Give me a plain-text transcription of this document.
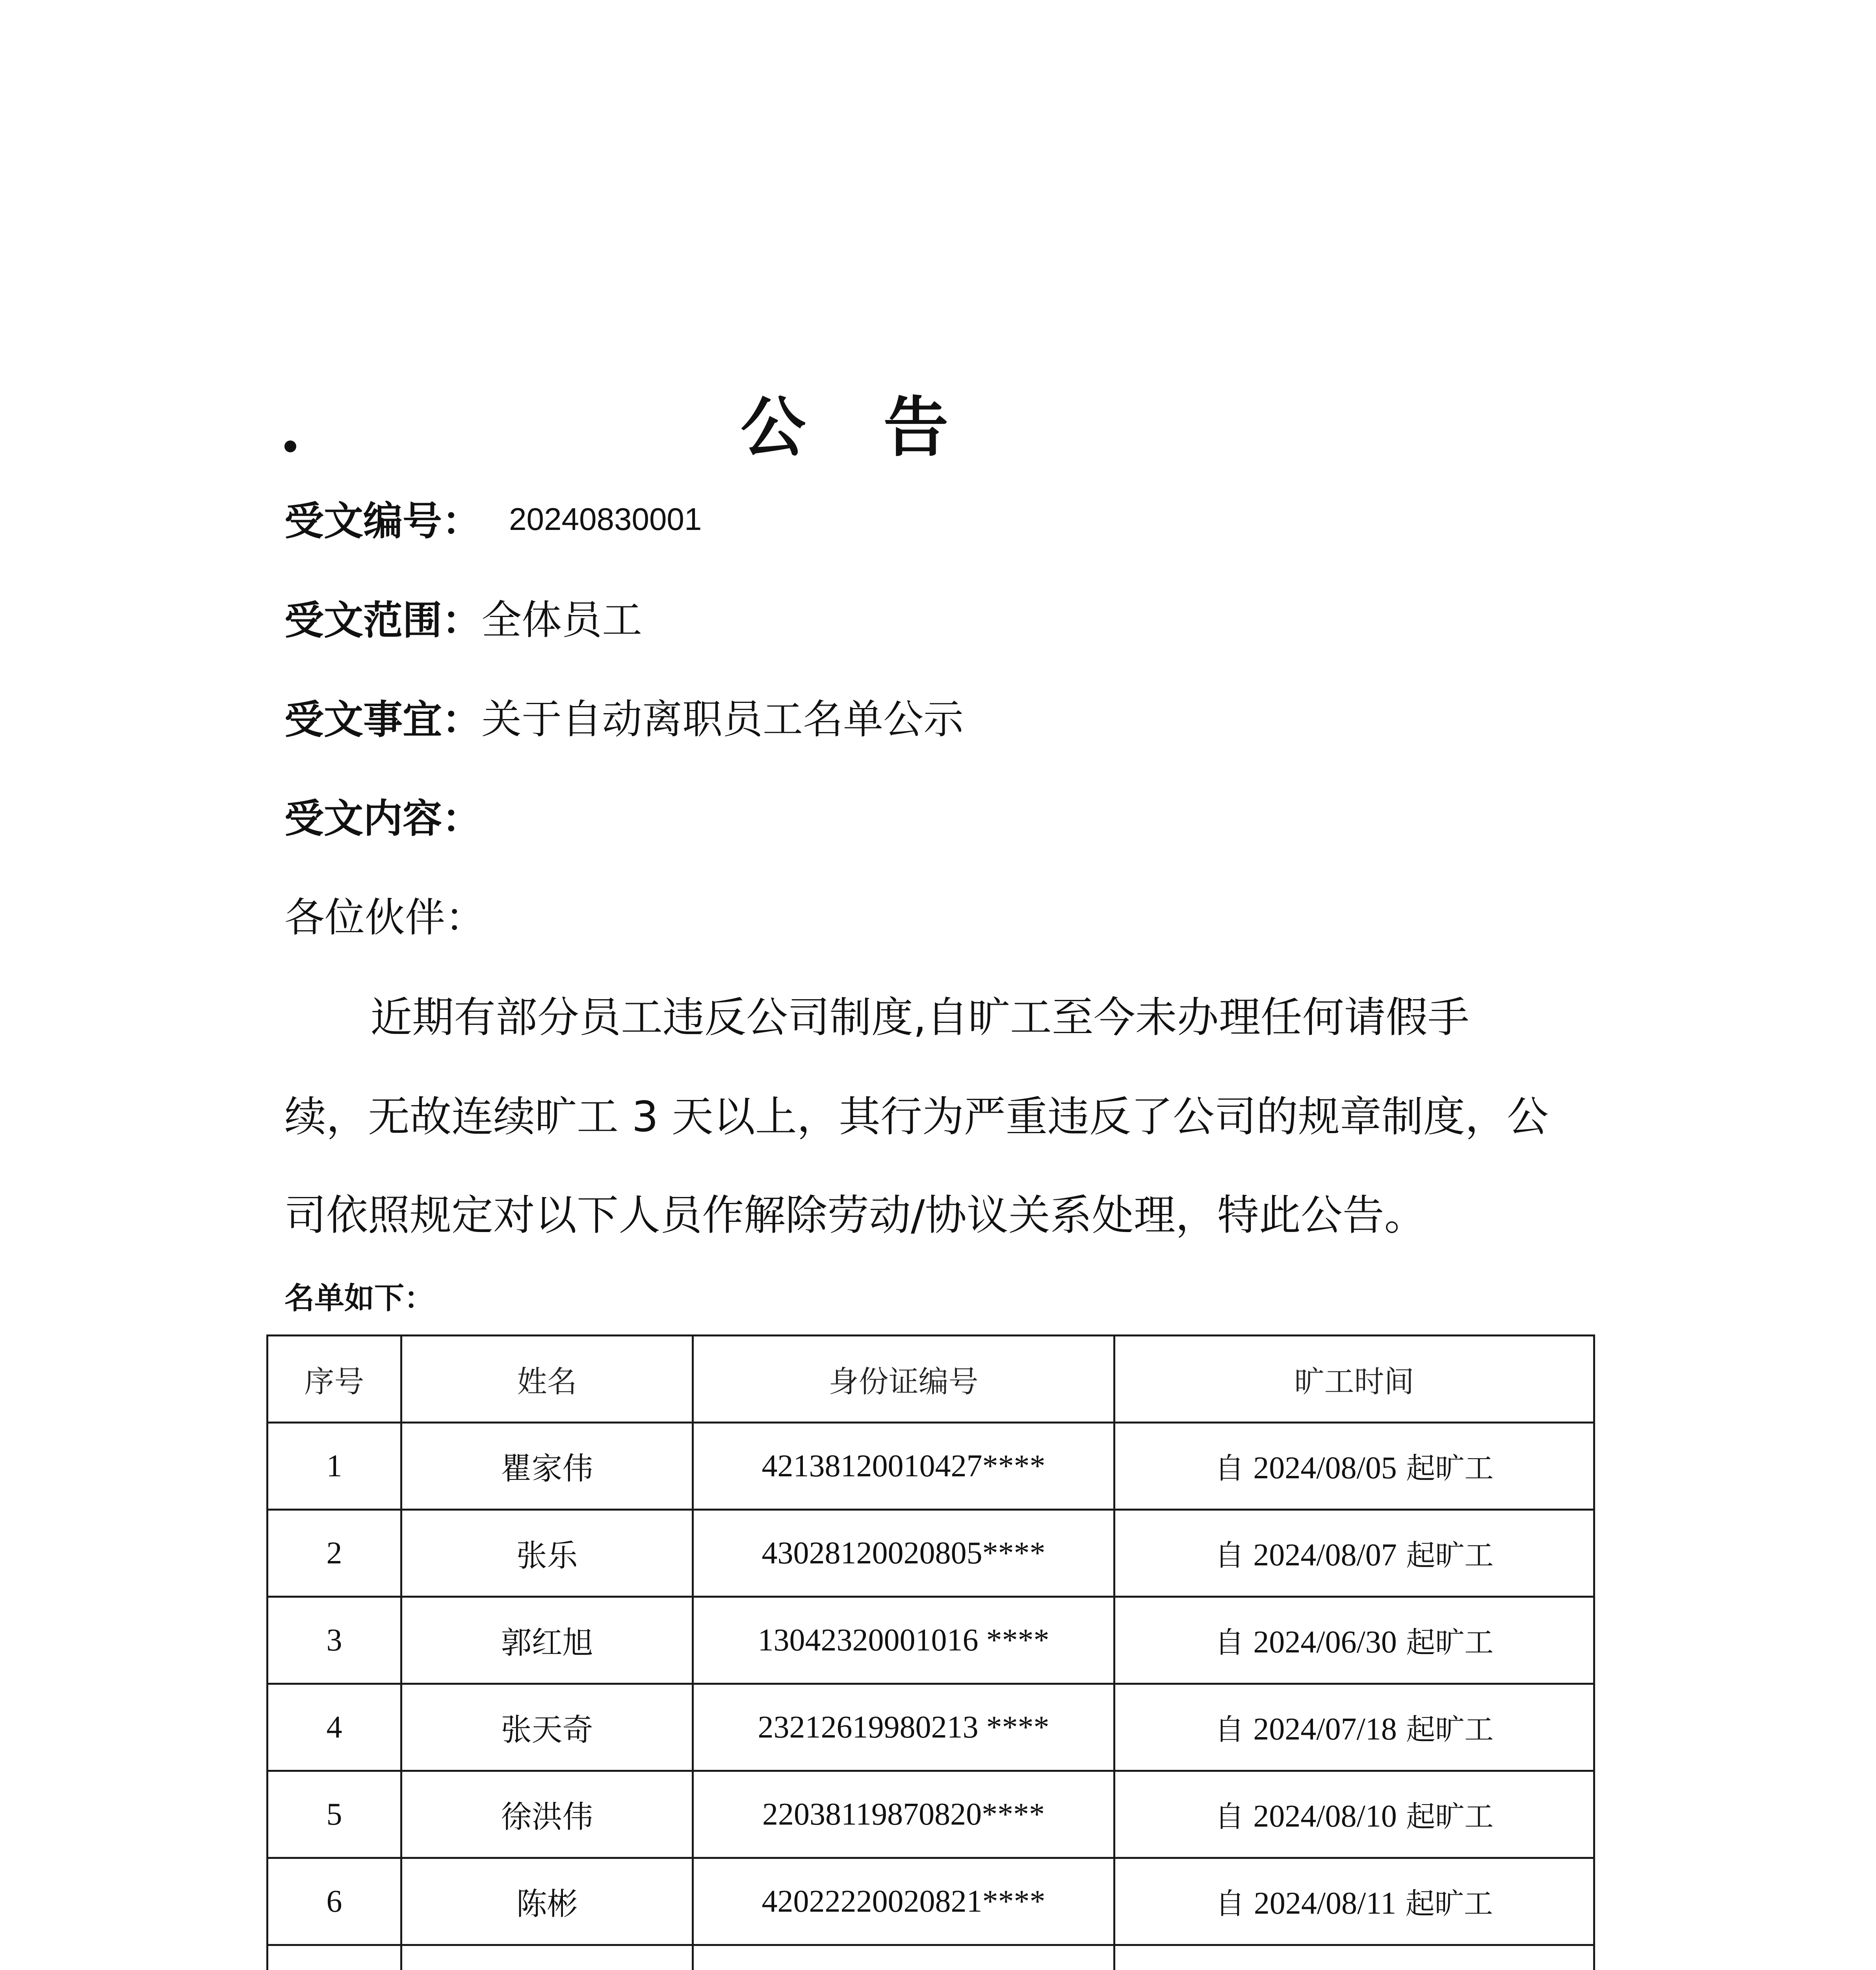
公 告
受文编号： 20240830001
受文范围：全体员工
受文事宜：关于自动离职员工名单公示
受文内容：
各位伙伴：
近期有部分员工违反公司制度,自旷工至今未办理任何请假手
续，无故连续旷工 3 天以上，其行为严重违反了公司的规章制度，公
司依照规定对以下人员作解除劳动/协议关系处理，特此公告。
名单如下：
序号	姓名	身份证编号	旷工时间
1	瞿家伟	42138120010427****	自 2024/08/05 起旷工
2	张乐	43028120020805****	自 2024/08/07 起旷工
3	郭红旭	13042320001016 ****	自 2024/06/30 起旷工
4	张天奇	23212619980213 ****	自 2024/07/18 起旷工
5	徐洪伟	22038119870820****	自 2024/08/10 起旷工
6	陈彬	42022220020821****	自 2024/08/11 起旷工
